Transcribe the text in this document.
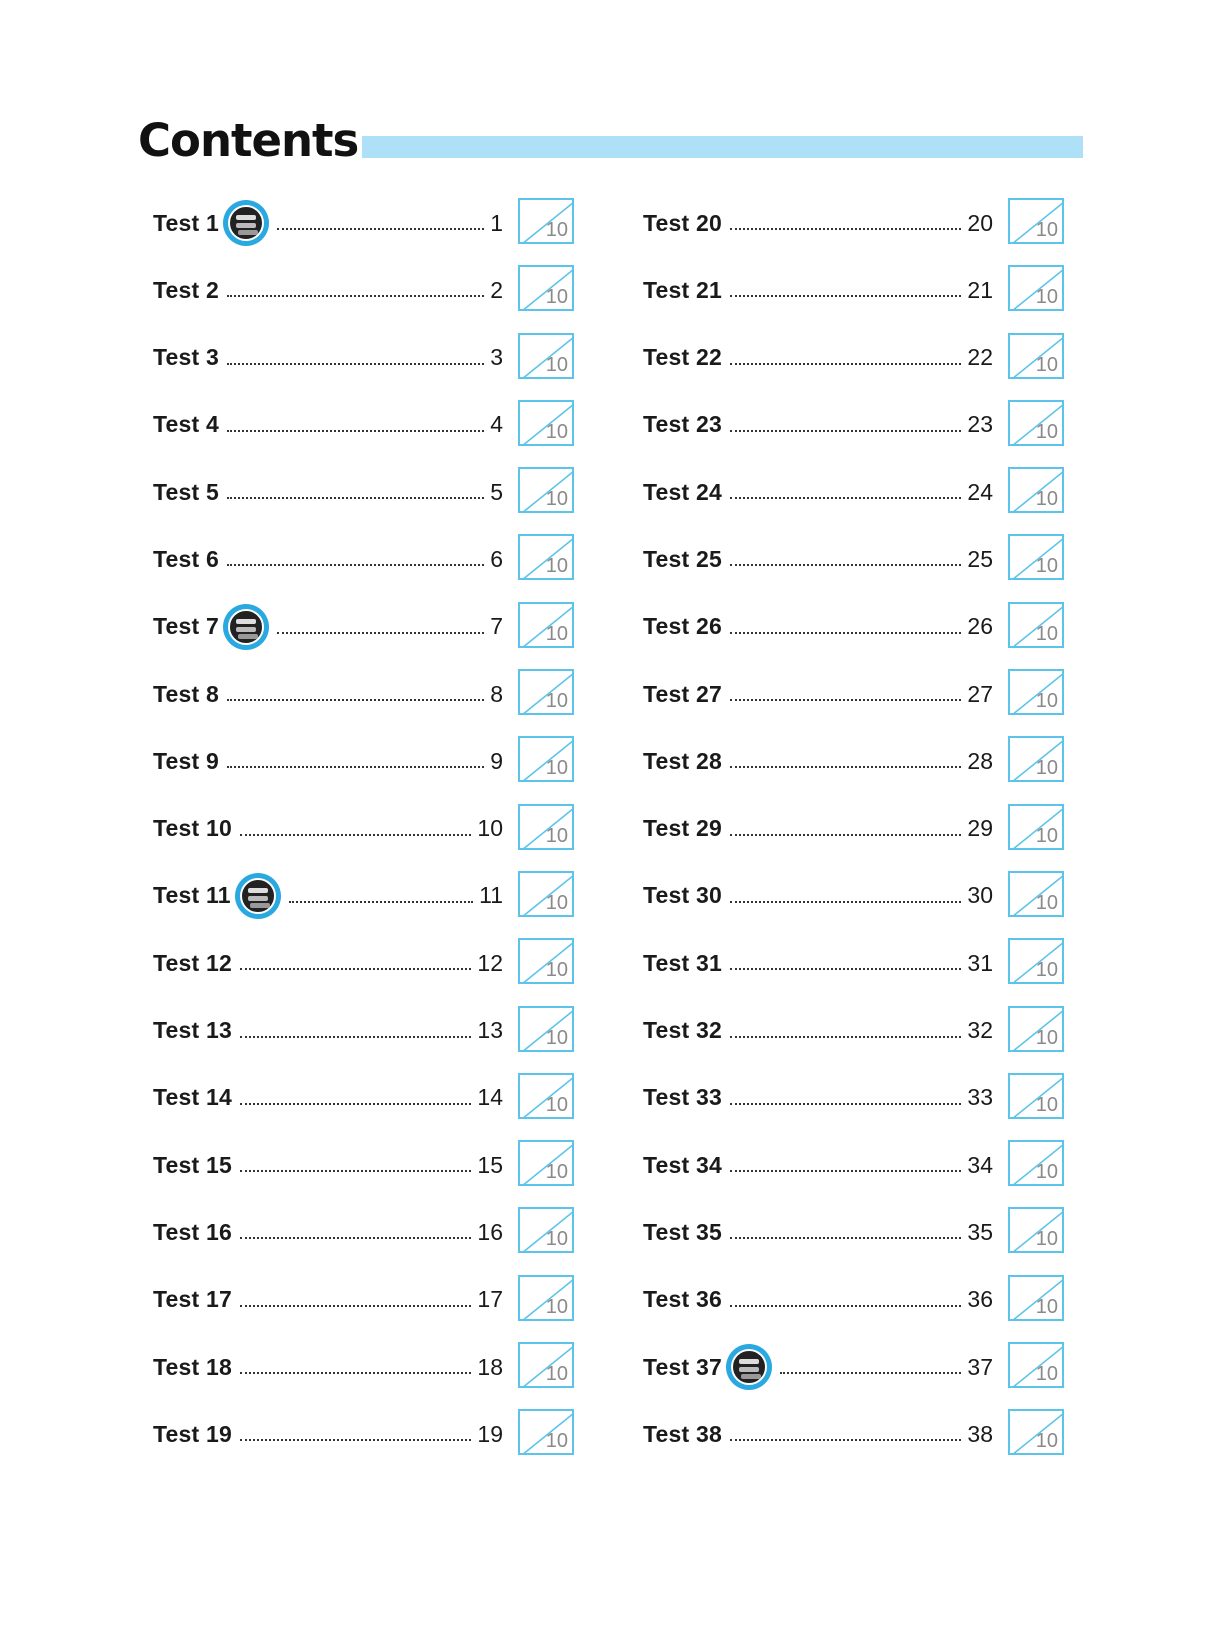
Contents
Test 1	1 10
Test 2	2 10
Test 3	3 10
Test 4	4 10
Test 5	5 10
Test 6	6 10
Test 7	7 10
Test 8	8 10
Test 9	9 10
Test 10	10 10
Test 11	11 10
Test 12	12 10
Test 13	13 10
Test 14	14 10
Test 15	15 10
Test 16	16 10
Test 17	17 10
Test 18	18 10
Test 19	19 10
Test 20	20 10
Test 21	21 10
Test 22	22 10
Test 23	23 10
Test 24	24 10
Test 25	25 10
Test 26	26 10
Test 27	27 10
Test 28	28 10
Test 29	29 10
Test 30	30 10
Test 31	31 10
Test 32	32 10
Test 33	33 10
Test 34	34 10
Test 35	35 10
Test 36	36 10
Test 37	37 10
Test 38	38 10
